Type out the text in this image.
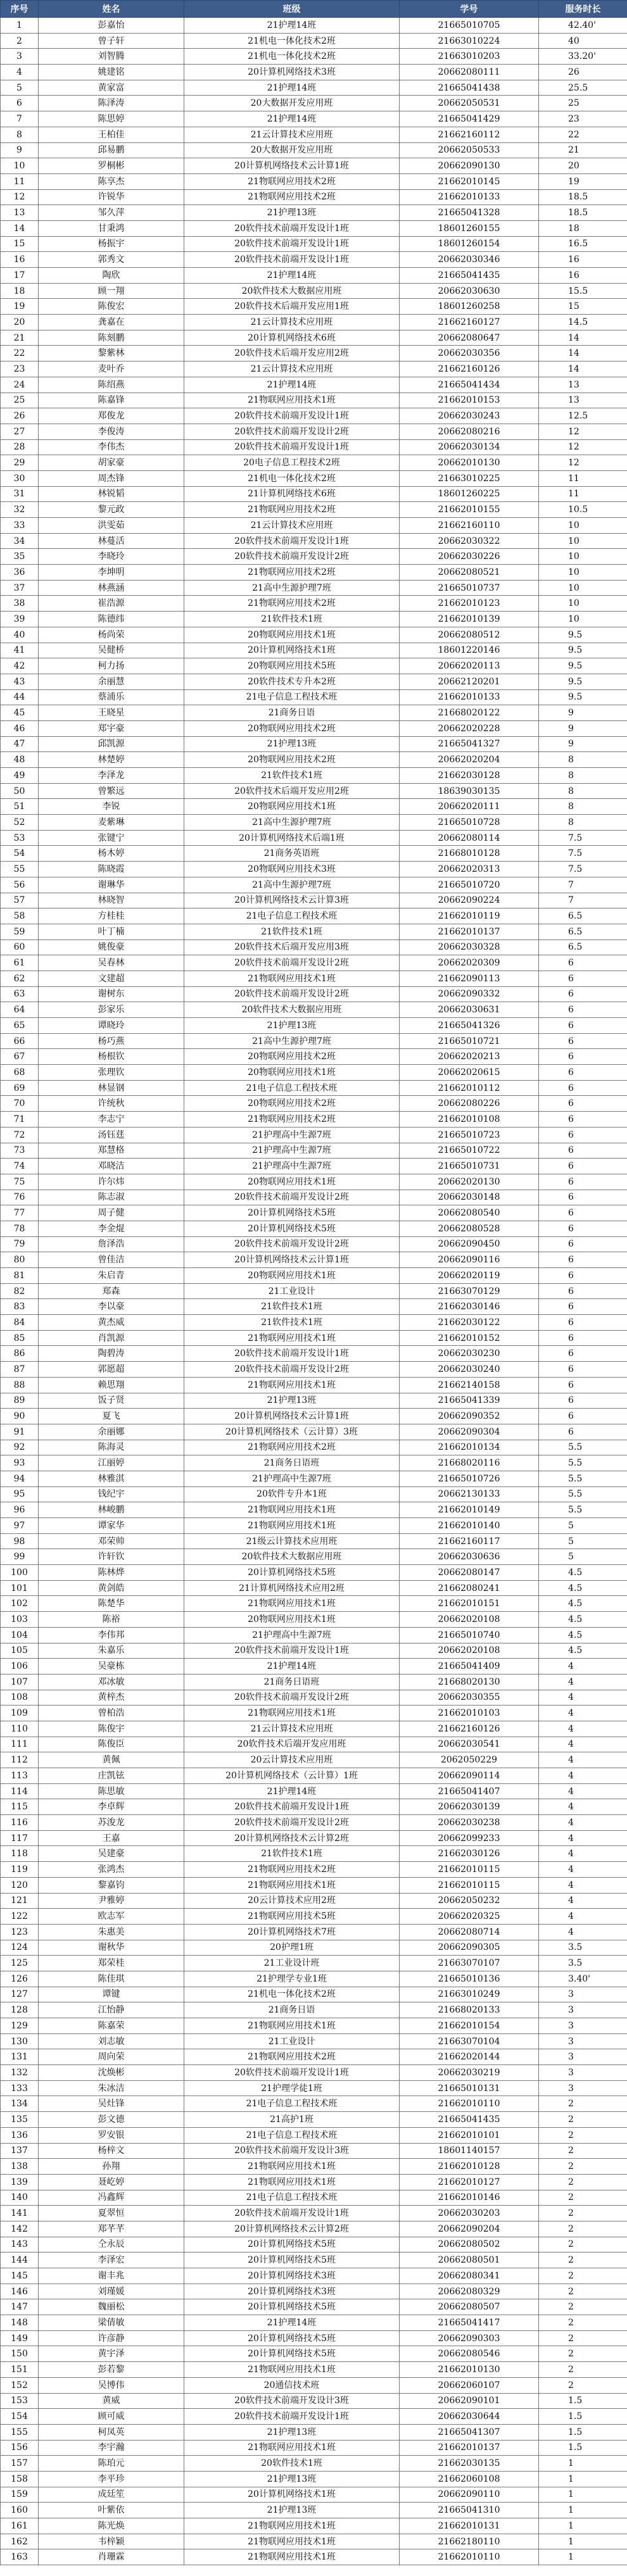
序号	姓名	班级	学号	服务时长
1	彭嘉怡	21护理14班	21665010705	42.40'
2	曾子轩	21机电一体化技术2班	21663010224	40
3	刘智腾	21机电一体化技术2班	21663010203	33.20'
4	姚建铭	20计算机网络技术3班	20662080111	26
5	黄家富	21护理14班	21665041438	25.5
6	陈泽涛	20大数据开发应用班	20662050531	25
7	陈思婷	21护理14班	21665041429	23
8	王柏佳	21云计算技术应用班	21662160112	22
9	邱易鹏	20大数据开发应用班	20662050533	21
10	罗桐彬	20计算机网络技术云计算1班	20662090130	20
11	陈享杰	21物联网应用技术2班	21662010145	19
12	许锐华	21物联网应用技术2班	21662010133	18.5
13	邹久萍	21护理13班	21665041328	18.5
14	甘秉鸿	20软件技术前端开发设计1班	18601260155	18
15	杨振宇	20软件技术前端开发设计1班	18601260154	16.5
16	郭秀文	20软件技术前端开发设计1班	20662030346	16
17	陶欣	21护理14班	21665041435	16
18	顾一翔	20软件技术大数据应用班	20662030630	15.5
19	陈俊宏	20软件技术后端开发应用1班	18601260258	15
20	龚嘉在	21云计算技术应用班	21662160127	14.5
21	陈刻鹏	20计算机网络技术6班	20662080647	14
22	黎紫林	20软件技术后端开发应用2班	20662030356	14
23	麦叶乔	21云计算技术应用班	21662160126	14
24	陈绍燕	21护理14班	21665041434	13
25	陈嘉锋	21物联网应用技术1班	21662010153	13
26	郑俊龙	20软件技术前端开发设计1班	20662030243	12.5
27	李俊涛	20软件技术前端开发设计2班	20662080216	12
28	李伟杰	20软件技术前端开发设计1班	20662030134	12
29	胡家豪	20电子信息工程技术2班	20662010130	12
30	周杰锋	21机电一体化技术2班	21663010225	11
31	林锐韬	21计算机网络技术6班	18601260225	11
32	黎元政	21物联网应用技术2班	21662010155	10.5
33	洪雯茹	21云计算技术应用班	21662160110	10
34	林蔓活	20软件技术前端开发设计1班	20662030322	10
35	李晓玲	20软件技术前端开发设计2班	20662030226	10
36	李坤明	21物联网应用技术2班	20662080521	10
37	林燕涵	21高中生源护理7班	21665010737	10
38	崔浩源	21物联网应用技术2班	21662010123	10
39	陈德纬	21软件技术1班	21662010139	10
40	杨尚荣	20物联网应用技术1班	20662080512	9.5
41	吴健桥	20计算机网络技术1班	18601220146	9.5
42	柯力扬	20物联网应用技术5班	20662020113	9.5
43	余丽慧	20软件技术专升本2班	20662120201	9.5
44	蔡浦乐	21电子信息工程技术班	21662010133	9.5
45	王晓星	21商务日语	21668020122	9
46	郑宇豪	20物联网应用技术2班	20662020228	9
47	邱凯源	21护理13班	21665041327	9
48	林楚婷	20物联网应用技术2班	20662020204	8
49	李泽龙	21软件技术1班	21662030128	8
50	曾繁远	20软件技术后端开发应用2班	18639030135	8
51	李锐	20物联网应用技术1班	20662020111	8
52	麦紫琳	21高中生源护理7班	21665010728	8
53	张键宁	20计算机网络技术后端1班	20662080114	7.5
54	杨木婷	21商务英语班	21668010128	7.5
55	陈晓霞	20物联网应用技术3班	20662020313	7.5
56	谢琳华	21高中生源护理7班	21665010720	7
57	林晓智	20计算机网络技术云计算3班	20662090224	7
58	方桂桂	21电子信息工程技术班	21662010119	6.5
59	叶丁楠	21软件技术1班	21662010137	6.5
60	姚俊豪	20软件技术后端开发应用3班	20662030328	6.5
61	吴春林	20软件技术前端开发设计2班	20662020309	6
62	文建超	21物联网应用技术1班	21662090113	6
63	谢树东	20软件技术前端开发设计2班	20662090332	6
64	彭家乐	20软件技术大数据应用班	20662030631	6
65	谭晓玲	21护理13班	21665041326	6
66	杨巧燕	21高中生源护理7班	21665010721	6
67	杨根钦	20物联网应用技术2班	20662020213	6
68	张理钦	20物联网应用技术1班	20662020615	6
69	林显钢	21电子信息工程技术班	21662010112	6
70	许统秋	20物联网应用技术2班	20662080226	6
71	李志宁	21物联网应用技术2班	21662010108	6
72	汤钰莛	21护理高中生源7班	21665010723	6
73	郑慧格	21护理高中生源7班	21665010722	6
74	邓晓洁	21护理高中生源7班	21665010731	6
75	许尔炜	20物联网应用技术1班	20662020130	6
76	陈志淑	20软件技术前端开发设计2班	20662030148	6
77	周子健	20计算机网络技术5班	20662080540	6
78	李金焜	20计算机网络技术5班	20662080528	6
79	詹泽浩	20软件技术前端开发设计2班	20662090450	6
80	曾佳洁	20计算机网络技术云计算1班	20662090116	6
81	朱启青	20物联网应用技术1班	20662020119	6
82	郑森	21工业设计	21663070129	6
83	李以豪	21软件技术1班	21662030146	6
84	黄杰威	21软件技术1班	21662030122	6
85	肖凯源	21物联网应用技术1班	21662010152	6
86	陶碧涛	20软件技术前端开发设计1班	20662030230	6
87	郭愿超	20软件技术前端开发设计2班	20662030240	6
88	赖思翔	21物联网应用技术1班	21662140158	6
89	饭子贤	21护理13班	21665041339	6
90	夏飞	20计算机网络技术云计算1班	20662090352	6
91	余丽娜	20计算机网络技术（云计算）3班	20662090304	6
92	陈海灵	21物联网应用技术2班	21662010134	5.5
93	江丽婷	21商务日语班	21668020116	5.5
94	林雅淇	21护理高中生源7班	21665010726	5.5
95	钱纪宇	20软件专升本1班	20662130133	5.5
96	林峻鹏	21物联网应用技术1班	21662010149	5.5
97	谭家华	21物联网应用技术1班	21662010140	5
98	邓荣帅	21级云计算技术应用班	21662160117	5
99	许轩钦	20软件技术大数据应用班	20662030636	5
100	陈林烨	20计算机网络技术5班	20662080147	4.5
101	黄剑皓	21计算机网络技术应用2班	21662080241	4.5
102	陈楚华	21物联网应用技术1班	21662010151	4.5
103	陈裕	20物联网应用技术1班	20662020108	4.5
104	李伟邦	21护理高中生源7班	21665010740	4.5
105	朱嘉乐	20软件技术前端开发设计1班	20662020108	4.5
106	吴豪栋	21护理14班	21665041409	4
107	邓冰敏	21商务日语班	21668020130	4
108	黄梓杰	20软件技术前端开发设计2班	20662030355	4
109	曾柏浩	21物联网应用技术1班	21662010103	4
110	陈俊宇	21云计算技术应用班	21662160126	4
111	陈俊臣	20软件技术后端开发应用班	20662030541	4
112	黄佩	20云计算技术应用班	2062050229	4
113	庄凯铉	20计算机网络技术（云计算）1班	20662090114	4
114	陈思敏	21护理14班	21665041407	4
115	李卓辉	20软件技术前端开发设计1班	20662030139	4
116	苏浚龙	20软件技术前端开发设计2班	20662030238	4
117	王嘉	20计算机网络技术云计算2班	20662099233	4
118	吴建豪	21软件技术1班	21662030126	4
119	张鸿杰	21物联网应用技术2班	21662010115	4
120	黎嘉钧	21物联网应用技术1班	21662010115	4
121	尹雅婷	20云计算技术应用2班	20662050232	4
122	欧志军	21物联网应用技术5班	20662020325	4
123	朱惠美	20计算机网络技术7班	20662080714	4
124	谢秋华	20护理1班	20662090305	3.5
125	郑荣桂	21工业设计班	21663070107	3.5
126	陈佳琪	21护理学专业1班	21665010136	3.40'
127	谭键	21机电一体化技术2班	21663010249	3
128	江怡静	21商务日语	21668020133	3
129	陈嘉荣	21物联网应用技术1班	21662010154	3
130	刘志敏	21工业设计	21663070104	3
131	周向荣	21物联网应用技术2班	21662020144	3
132	沈焕彬	20软件技术前端开发设计1班	20662030219	3
133	朱冰洁	21护理学徒1班	21665010131	3
134	吴灶锋	21电子信息工程技术班	21662010110	2
135	彭文德	21高护1班	21665041435	2
136	罗安银	21电子信息工程技术班	21662010101	2
137	杨梓文	20软件技术前端开发设计3班	18601140157	2
138	孙翔	21物联网应用技术1班	21662010128	2
139	聂屹婷	21物联网应用技术1班	21662010127	2
140	冯鑫辉	21电子信息工程技术班	21662010146	2
141	夏翠恒	20软件技术前端开发设计1班	20662030203	2
142	郑芊芊	20计算机网络技术云计算2班	20662090204	2
143	仝永辰	20计算机网络技术5班	20662080502	2
144	李泽宏	20计算机网络技术5班	20662080501	2
145	谢丰兆	20计算机网络技术3班	20662080341	2
146	刘瑾媛	20计算机网络技术3班	20662080329	2
147	魏丽松	20计算机网络技术5班	20662080507	2
148	梁倩敏	21护理14班	21665041417	2
149	许彦静	20计算机网络技术5班	20662090303	2
150	黄宇泽	20计算机网络技术5班	20662080546	2
151	彭若黎	21物联网应用技术1班	21662010130	2
152	吴博伟	20通信技术班	20662060107	2
153	黄威	20软件技术前端开发设计3班	20662090101	1.5
154	顾可威	20软件技术前端开发设计1班	20662030644	1.5
155	柯凤英	21护理13班	21665041307	1.5
156	李宇瀚	21物联网应用技术1班	21662010137	1.5
157	陈珀元	20软件技术1班	21662030135	1
158	李平珍	21护理13班	21662060108	1
159	成廷笙	20计算机网络技术1班	20662090110	1
160	叶紫依	21护理13班	21665041310	1
161	陈光焕	21物联网应用技术1班	21662010131	1
162	韦梓颖	21物联网应用技术1班	21662180110	1
163	肖珊霖	21物联网应用技术1班	21662010110	1
